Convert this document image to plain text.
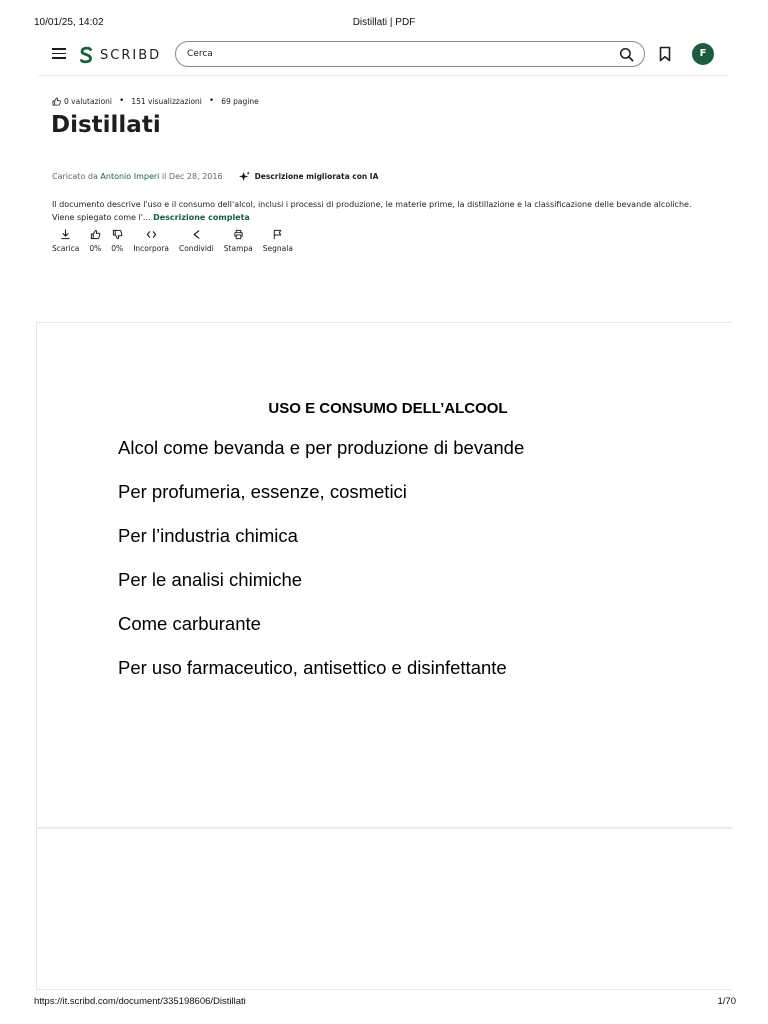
10/01/25, 14:02	Distillati | PDF
SCRIBD
Cerca	F
0 valutazioni • 151 visualizzazioni • 69 pagine
Distillati
Caricato da
Antonio Imperi
il Dec 28, 2016	Descrizione migliorata con IA

Il documento descrive l'uso e il consumo dell'alcol, inclusi i processi di produzione, le materie prime, la distillazione e la classificazione delle bevande alcoliche. Viene spiegato come l'... Descrizione completa

Scarica 0% 0% Incorpora Condividi Stampa Segnala
USO E CONSUMO DELL’ALCOOL
Alcol come bevanda e per produzione di bevande
Per profumeria, essenze, cosmetici
Per l’industria chimica
Per le analisi chimiche
Come carburante
Per uso farmaceutico, antisettico e disinfettante
https://it.scribd.com/document/335198606/Distillati	1/70
